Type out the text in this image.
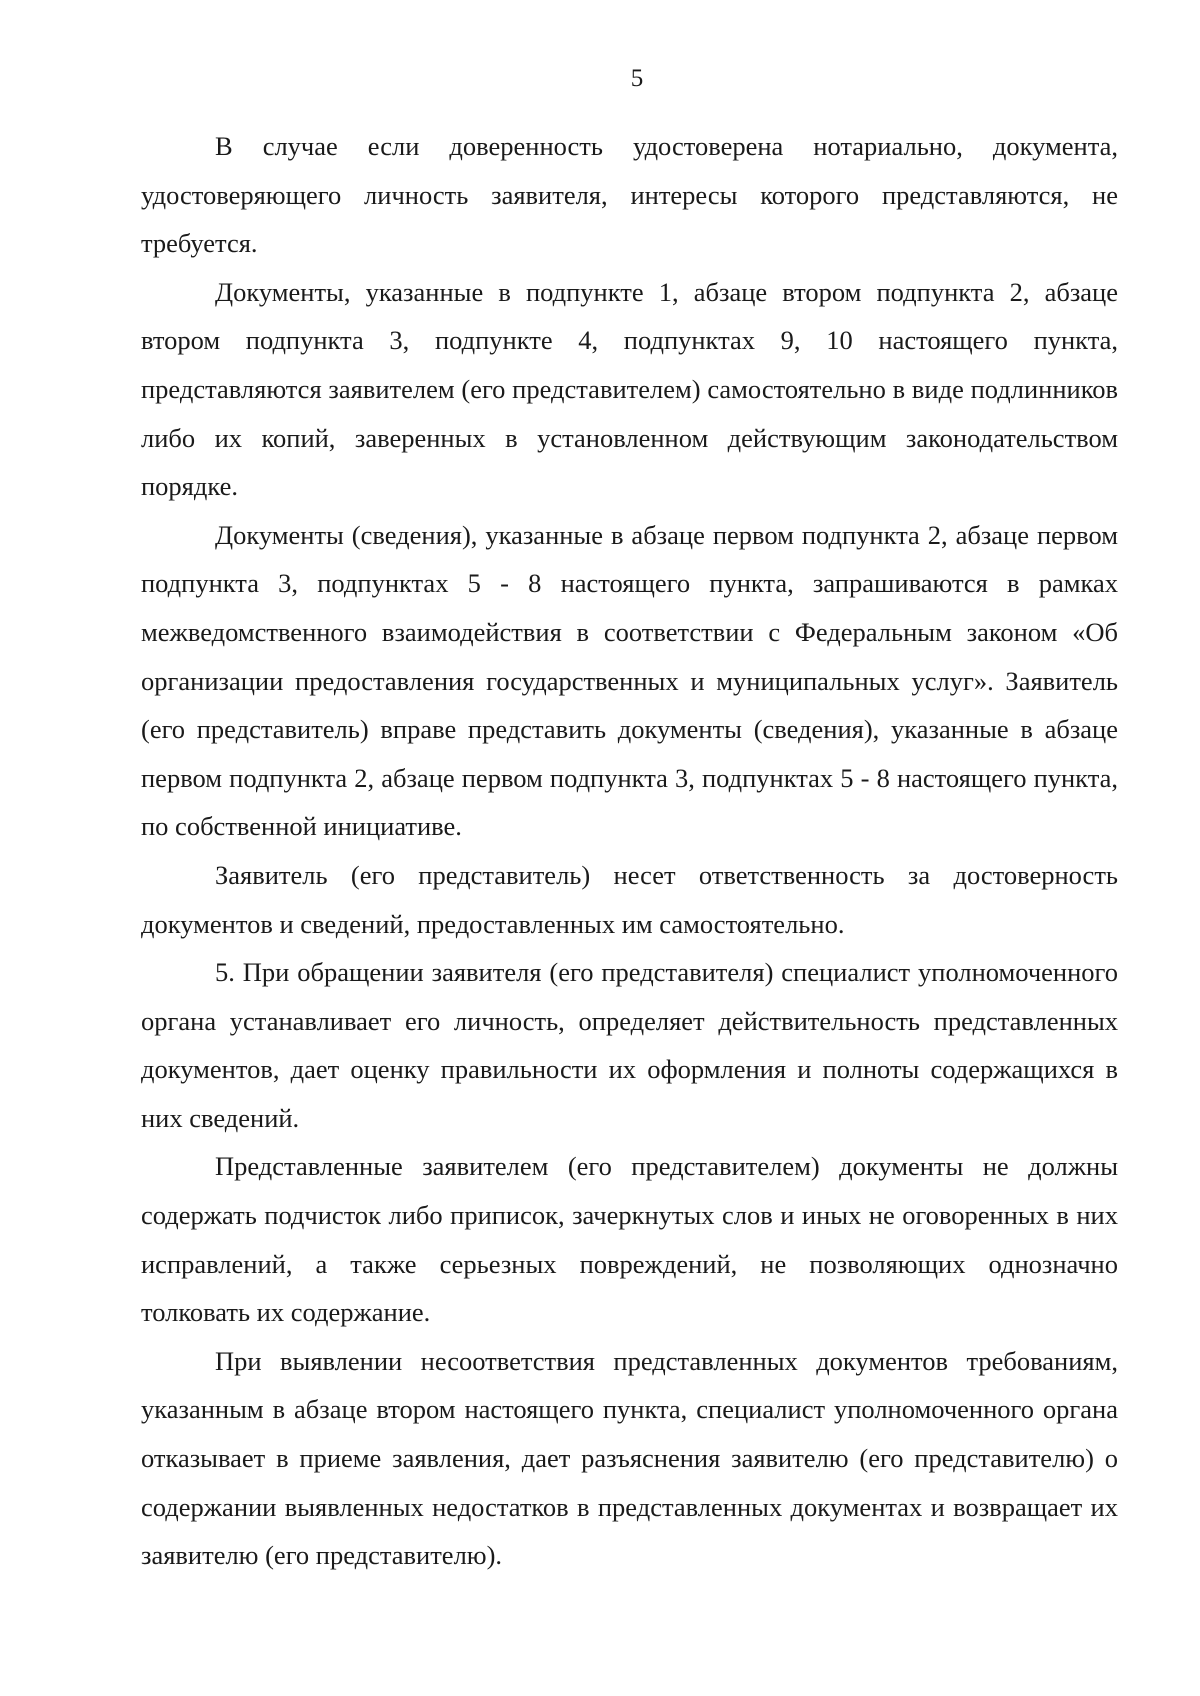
5

В случае если доверенность удостоверена нотариально, документа, удостоверяющего личность заявителя, интересы которого представляются, не требуется.

Документы, указанные в подпункте 1, абзаце втором подпункта 2, абзаце втором подпункта 3, подпункте 4, подпунктах 9, 10 настоящего пункта, представляются заявителем (его представителем) самостоятельно в виде подлинников либо их копий, заверенных в установленном действующим законодательством порядке.

Документы (сведения), указанные в абзаце первом подпункта 2, абзаце первом подпункта 3, подпунктах 5 - 8 настоящего пункта, запрашиваются в рамках межведомственного взаимодействия в соответствии с Федеральным законом «Об организации предоставления государственных и муниципальных услуг». Заявитель (его представитель) вправе представить документы (сведения), указанные в абзаце первом подпункта 2, абзаце первом подпункта 3, подпунктах 5 - 8 настоящего пункта, по собственной инициативе.

Заявитель (его представитель) несет ответственность за достоверность документов и сведений, предоставленных им самостоятельно.

5. При обращении заявителя (его представителя) специалист уполномоченного органа устанавливает его личность, определяет действительность представленных документов, дает оценку правильности их оформления и полноты содержащихся в них сведений.

Представленные заявителем (его представителем) документы не должны содержать подчисток либо приписок, зачеркнутых слов и иных не оговоренных в них исправлений, а также серьезных повреждений, не позволяющих однозначно толковать их содержание.

При выявлении несоответствия представленных документов требованиям, указанным в абзаце втором настоящего пункта, специалист уполномоченного органа отказывает в приеме заявления, дает разъяснения заявителю (его представителю) о содержании выявленных недостатков в представленных документах и возвращает их заявителю (его представителю).
